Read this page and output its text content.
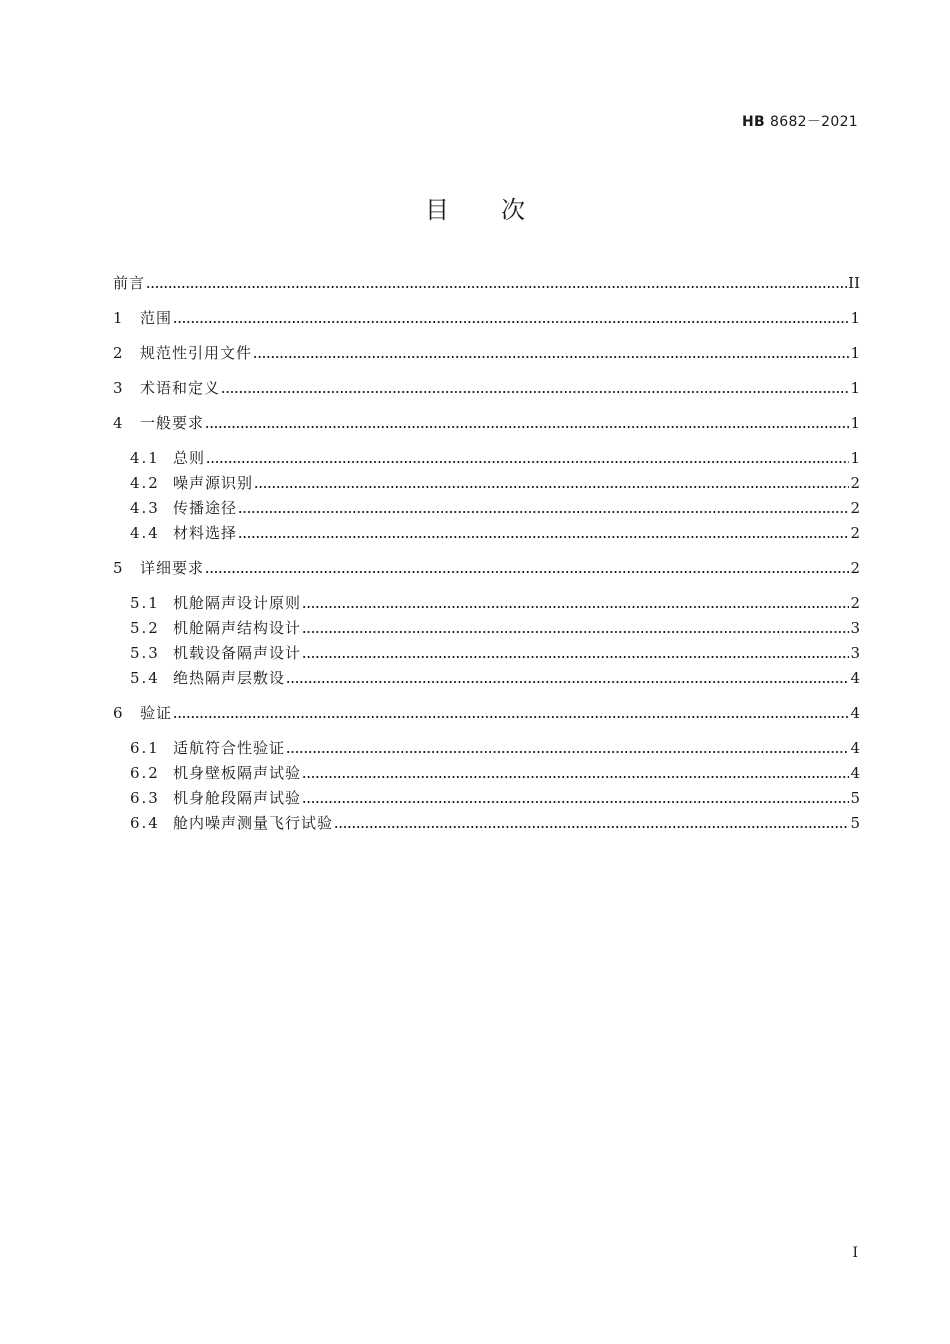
HB 8682－2021
目次
前言	II
1	范围	1
2	规范性引用文件	1
3	术语和定义	1
4	一般要求	1
4.1 总则	1
4.2 噪声源识别	2
4.3 传播途径	2
4.4 材料选择	2
5	详细要求	2
5.1 机舱隔声设计原则	2
5.2 机舱隔声结构设计	3
5.3 机载设备隔声设计	3
5.4 绝热隔声层敷设	4
6	验证	4
6.1 适航符合性验证	4
6.2 机身壁板隔声试验	4
6.3 机身舱段隔声试验	5
6.4 舱内噪声测量飞行试验	5
I
